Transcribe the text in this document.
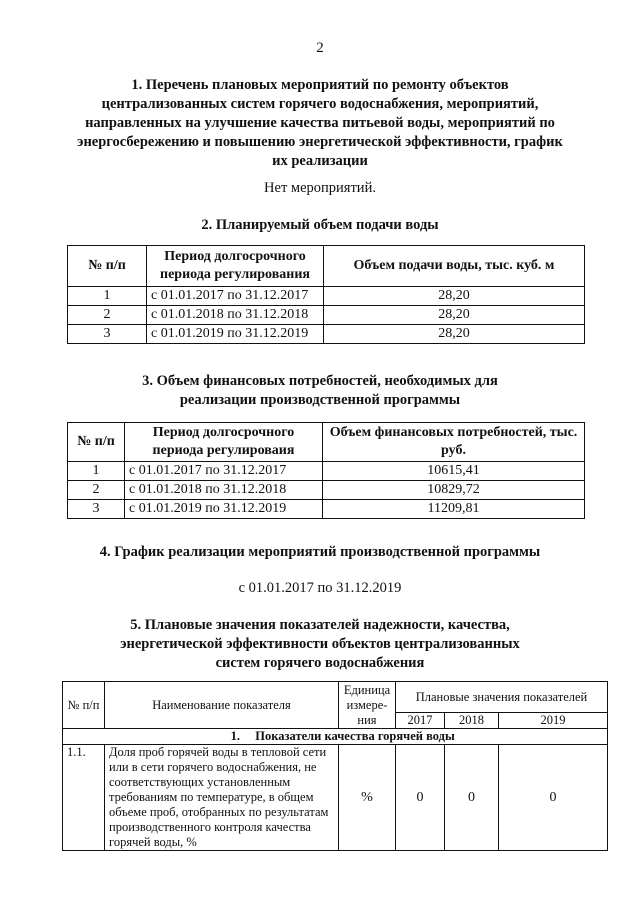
2
1. Перечень плановых мероприятий по ремонту объектов
централизованных систем горячего водоснабжения, мероприятий,
направленных на улучшение качества питьевой воды, мероприятий по
энергосбережению и повышению энергетической эффективности, график
их реализации
Нет мероприятий.
2. Планируемый объем подачи воды
№ п/п	Период долгосрочного периода регулирования	Объем подачи воды, тыс. куб. м
1	с 01.01.2017 по 31.12.2017	28,20
2	с 01.01.2018 по 31.12.2018	28,20
3	с 01.01.2019 по 31.12.2019	28,20
3. Объем финансовых потребностей, необходимых для
реализации производственной программы
№ п/п	Период долгосрочного периода регулироваия	Объем финансовых потребностей, тыс. руб.
1	с 01.01.2017 по 31.12.2017	10615,41
2	с 01.01.2018 по 31.12.2018	10829,72
3	с 01.01.2019 по 31.12.2019	11209,81
4. График реализации мероприятий производственной программы
с 01.01.2017 по 31.12.2019
5. Плановые значения показателей надежности, качества,
энергетической эффективности объектов централизованных
систем горячего водоснабжения
№ п/п	Наименование показателя	Единица измере-ния	Плановые значения показателей		
			2017	2018	2019
1. Показатели качества горячей воды					
1.1.	Доля проб горячей воды в тепловой сети или в сети горячего водоснабжения, не соответствующих установленным требованиям по температуре, в общем объеме проб, отобранных по результатам производственного контроля качества горячей воды, %	%	0	0	0
